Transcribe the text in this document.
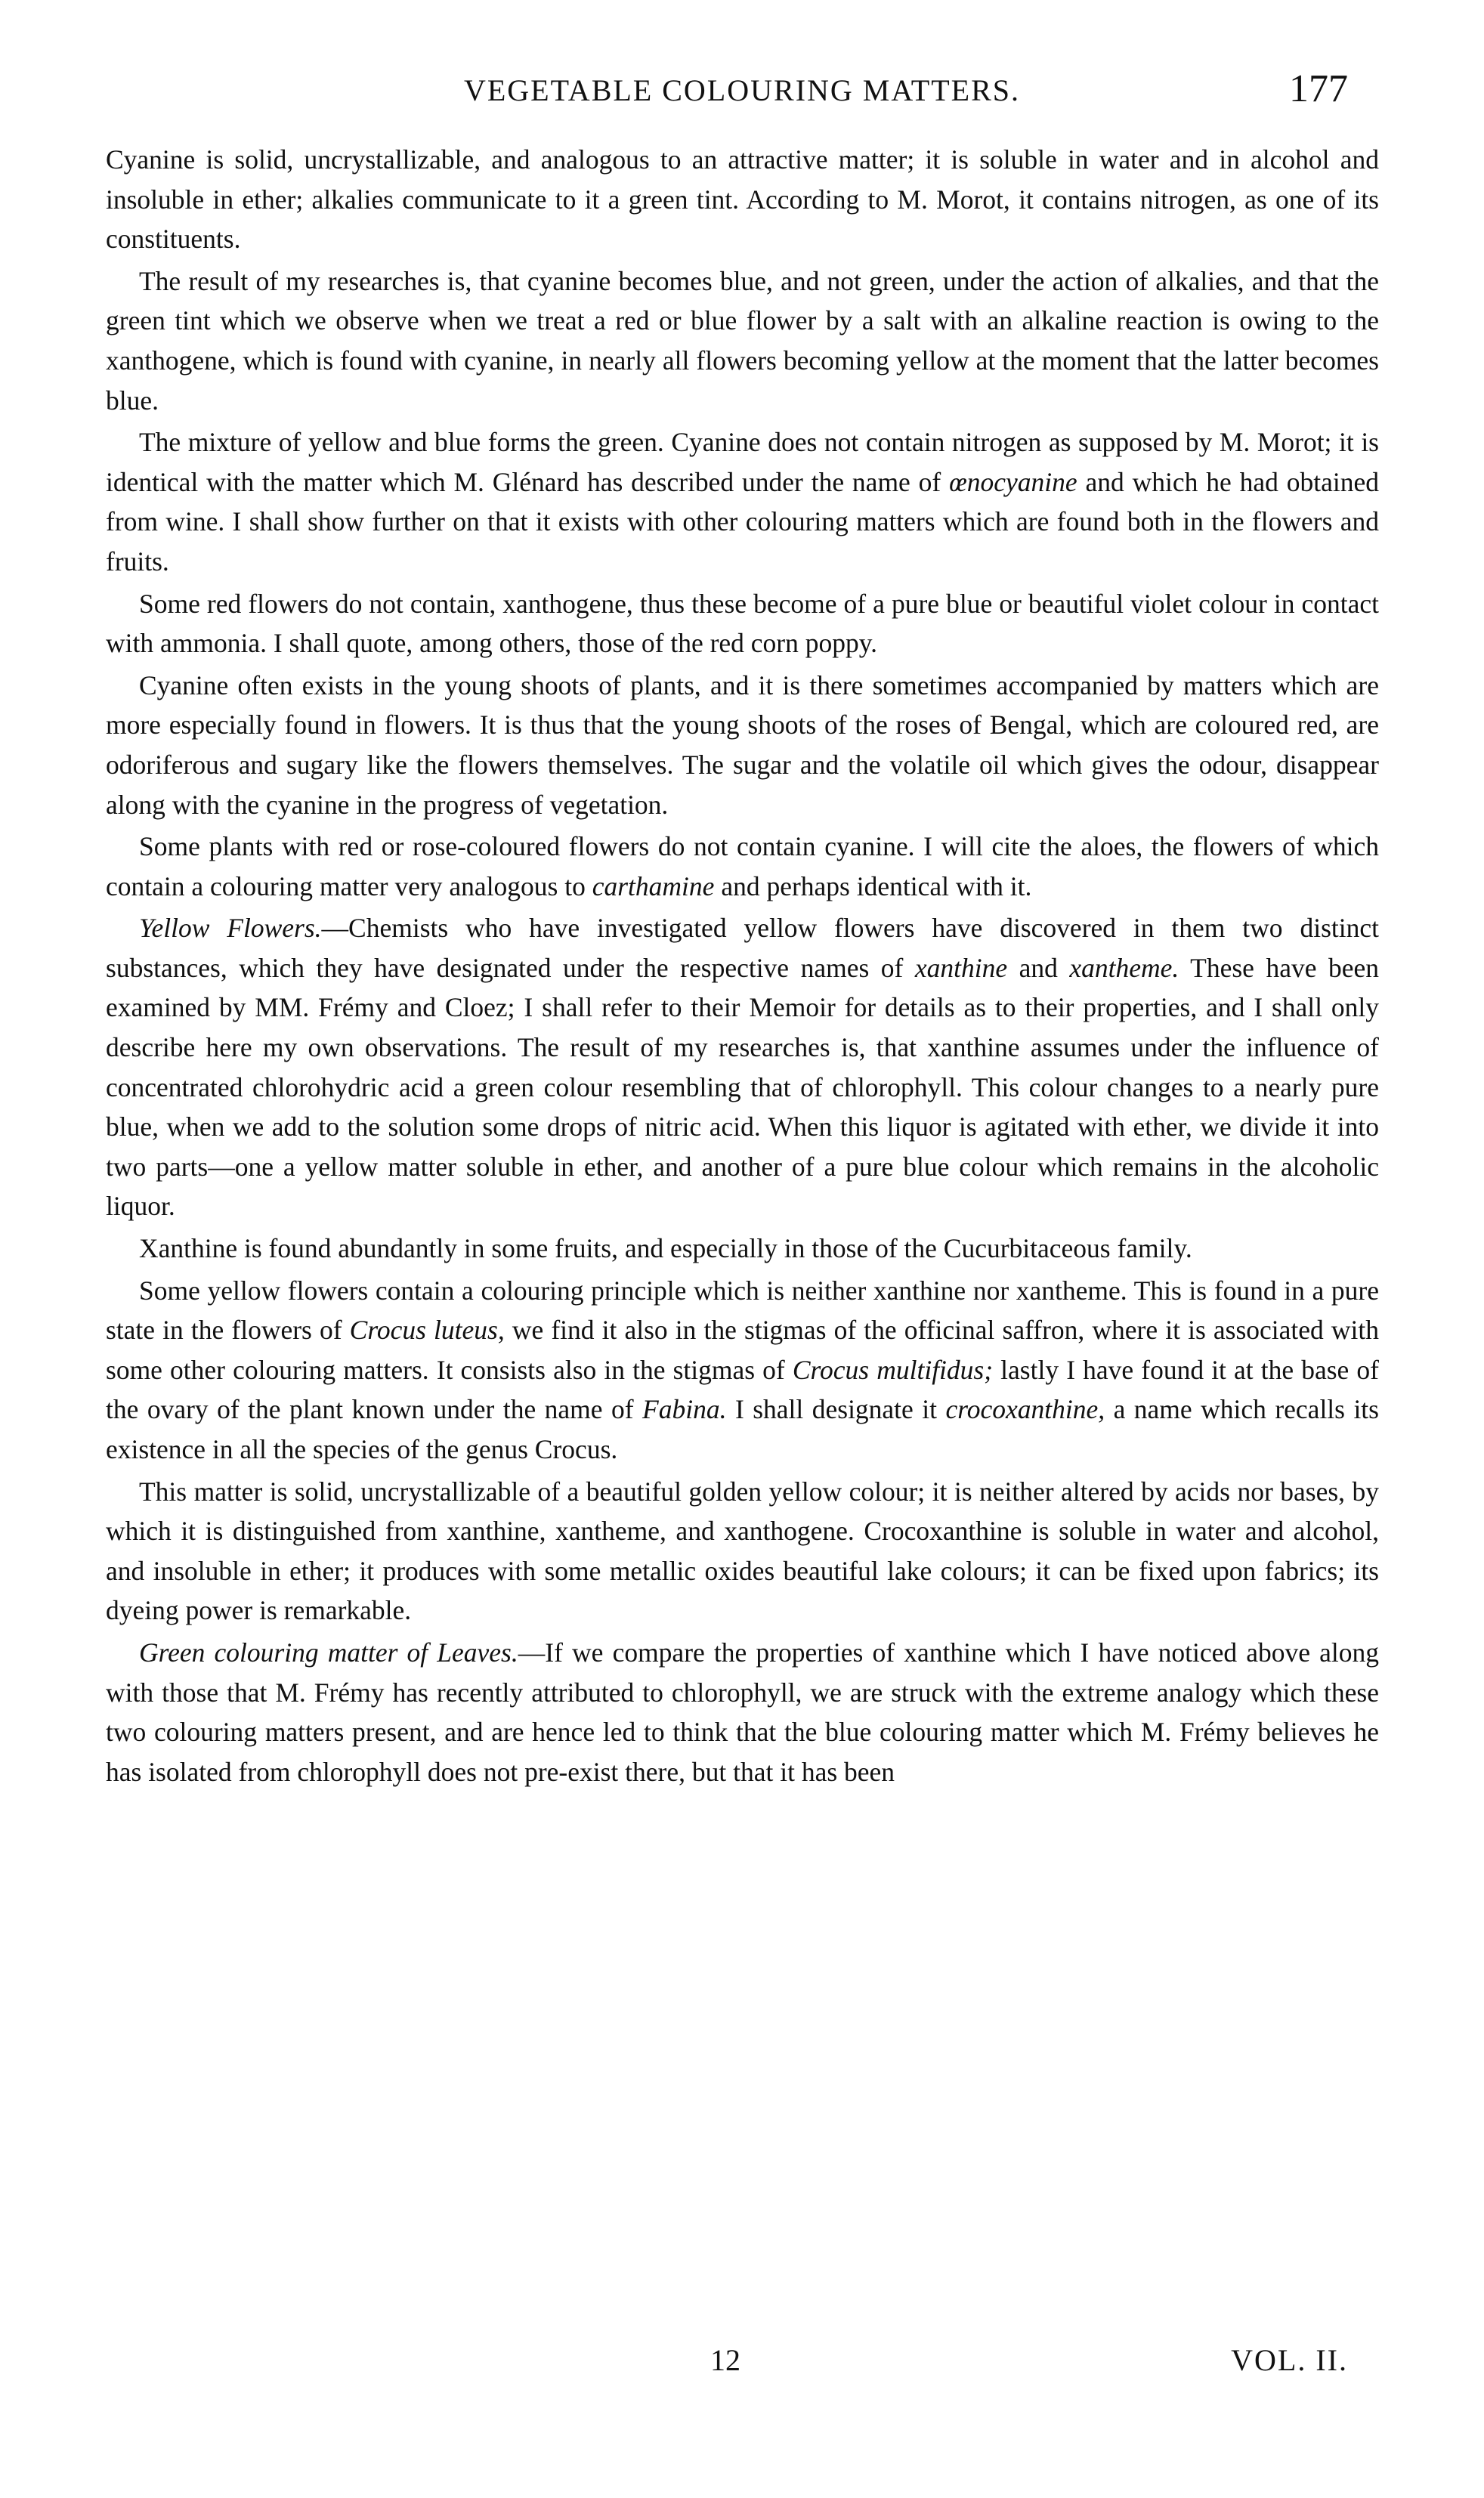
VEGETABLE COLOURING MATTERS.	177

Cyanine is solid, uncrystallizable, and analogous to an attractive matter; it is soluble in water and in alcohol and insoluble in ether; alkalies communicate to it a green tint. According to M. Morot, it contains nitrogen, as one of its constituents.

The result of my researches is, that cyanine becomes blue, and not green, under the action of alkalies, and that the green tint which we observe when we treat a red or blue flower by a salt with an alkaline reaction is owing to the xanthogene, which is found with cyanine, in nearly all flowers becoming yellow at the moment that the latter becomes blue.

The mixture of yellow and blue forms the green. Cyanine does not contain nitrogen as supposed by M. Morot; it is identical with the matter which M. Glénard has described under the name of œnocyanine and which he had obtained from wine. I shall show further on that it exists with other colouring matters which are found both in the flowers and fruits.

Some red flowers do not contain, xanthogene, thus these become of a pure blue or beautiful violet colour in contact with ammonia. I shall quote, among others, those of the red corn poppy.

Cyanine often exists in the young shoots of plants, and it is there sometimes accompanied by matters which are more especially found in flowers. It is thus that the young shoots of the roses of Bengal, which are coloured red, are odoriferous and sugary like the flowers themselves. The sugar and the volatile oil which gives the odour, disappear along with the cyanine in the progress of vegetation.

Some plants with red or rose-coloured flowers do not contain cyanine. I will cite the aloes, the flowers of which contain a colouring matter very analogous to carthamine and perhaps identical with it.

Yellow Flowers.—Chemists who have investigated yellow flowers have discovered in them two distinct substances, which they have designated under the respective names of xanthine and xantheme. These have been examined by MM. Frémy and Cloez; I shall refer to their Memoir for details as to their properties, and I shall only describe here my own observations. The result of my researches is, that xanthine assumes under the influence of concentrated chlorohydric acid a green colour resembling that of chlorophyll. This colour changes to a nearly pure blue, when we add to the solution some drops of nitric acid. When this liquor is agitated with ether, we divide it into two parts—one a yellow matter soluble in ether, and another of a pure blue colour which remains in the alcoholic liquor.

Xanthine is found abundantly in some fruits, and especially in those of the Cucurbitaceous family.

Some yellow flowers contain a colouring principle which is neither xanthine nor xantheme. This is found in a pure state in the flowers of Crocus luteus, we find it also in the stigmas of the officinal saffron, where it is associated with some other colouring matters. It consists also in the stigmas of Crocus multifidus; lastly I have found it at the base of the ovary of the plant known under the name of Fabina. I shall designate it crocoxanthine, a name which recalls its existence in all the species of the genus Crocus.

This matter is solid, uncrystallizable of a beautiful golden yellow colour; it is neither altered by acids nor bases, by which it is distinguished from xanthine, xantheme, and xanthogene. Crocoxanthine is soluble in water and alcohol, and insoluble in ether; it produces with some metallic oxides beautiful lake colours; it can be fixed upon fabrics; its dyeing power is remarkable.

Green colouring matter of Leaves.—If we compare the properties of xanthine which I have noticed above along with those that M. Frémy has recently attributed to chlorophyll, we are struck with the extreme analogy which these two colouring matters present, and are hence led to think that the blue colouring matter which M. Frémy believes he has isolated from chlorophyll does not pre-exist there, but that it has been

12	VOL. II.
